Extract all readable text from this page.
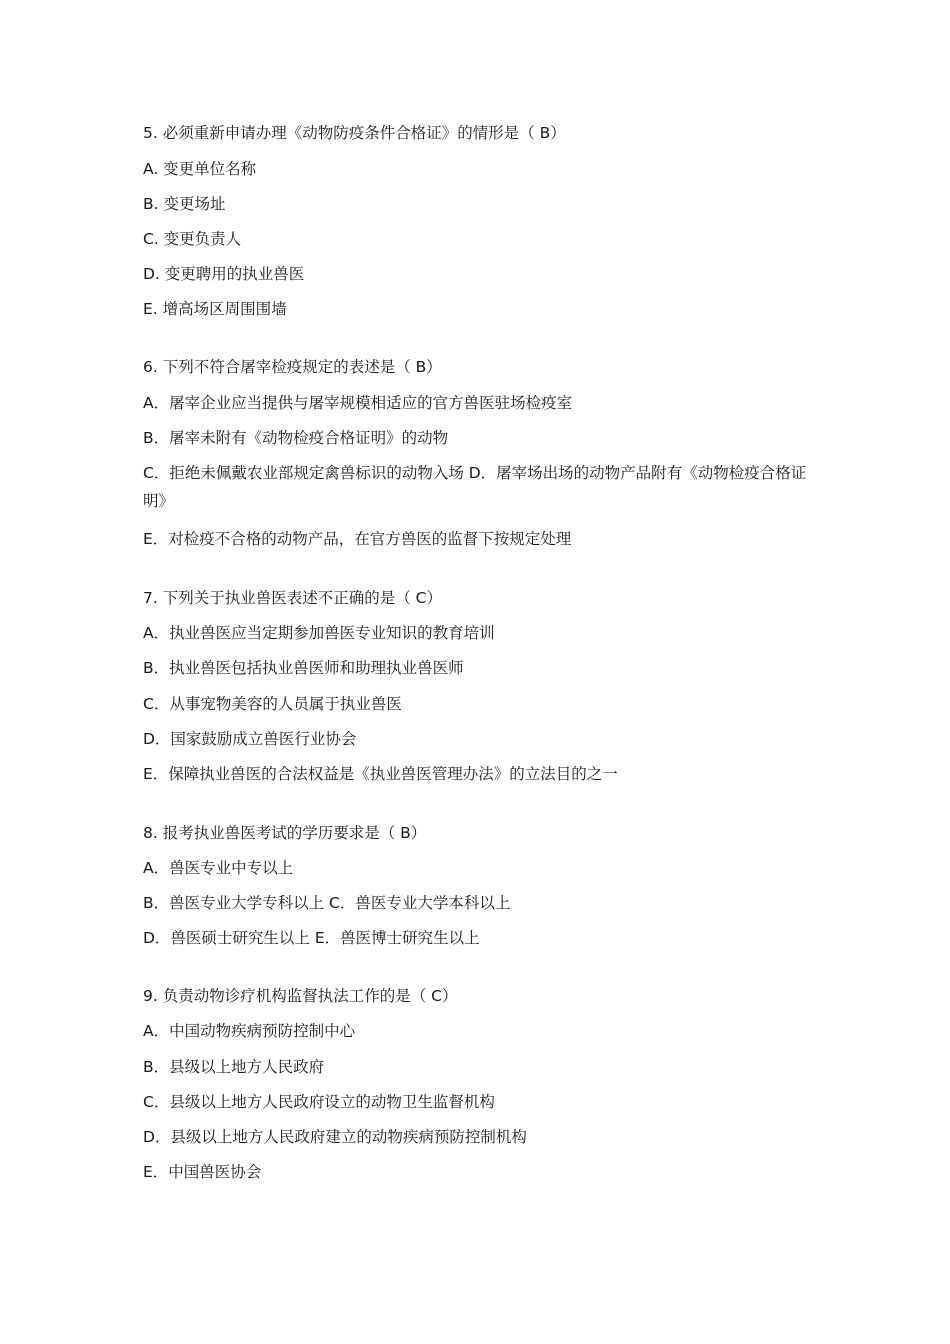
5. 必须重新申请办理《动物防疫条件合格证》的情形是（ B）
A. 变更单位名称
B. 变更场址
C. 变更负责人
D. 变更聘用的执业兽医
E. 增高场区周围围墙
6. 下列不符合屠宰检疫规定的表述是（ B）
A．屠宰企业应当提供与屠宰规模相适应的官方兽医驻场检疫室
B．屠宰未附有《动物检疫合格证明》的动物
C．拒绝未佩戴农业部规定禽兽标识的动物入场 D．屠宰场出场的动物产品附有《动物检疫合格证明》
E．对检疫不合格的动物产品，在官方兽医的监督下按规定处理
7. 下列关于执业兽医表述不正确的是（ C）
A．执业兽医应当定期参加兽医专业知识的教育培训
B．执业兽医包括执业兽医师和助理执业兽医师
C．从事宠物美容的人员属于执业兽医
D．国家鼓励成立兽医行业协会
E．保障执业兽医的合法权益是《执业兽医管理办法》的立法目的之一
8. 报考执业兽医考试的学历要求是（ B）
A．兽医专业中专以上
B．兽医专业大学专科以上 C．兽医专业大学本科以上
D．兽医硕士研究生以上 E．兽医博士研究生以上
9. 负责动物诊疗机构监督执法工作的是（ C）
A．中国动物疾病预防控制中心
B．县级以上地方人民政府
C．县级以上地方人民政府设立的动物卫生监督机构
D．县级以上地方人民政府建立的动物疾病预防控制机构
E．中国兽医协会
